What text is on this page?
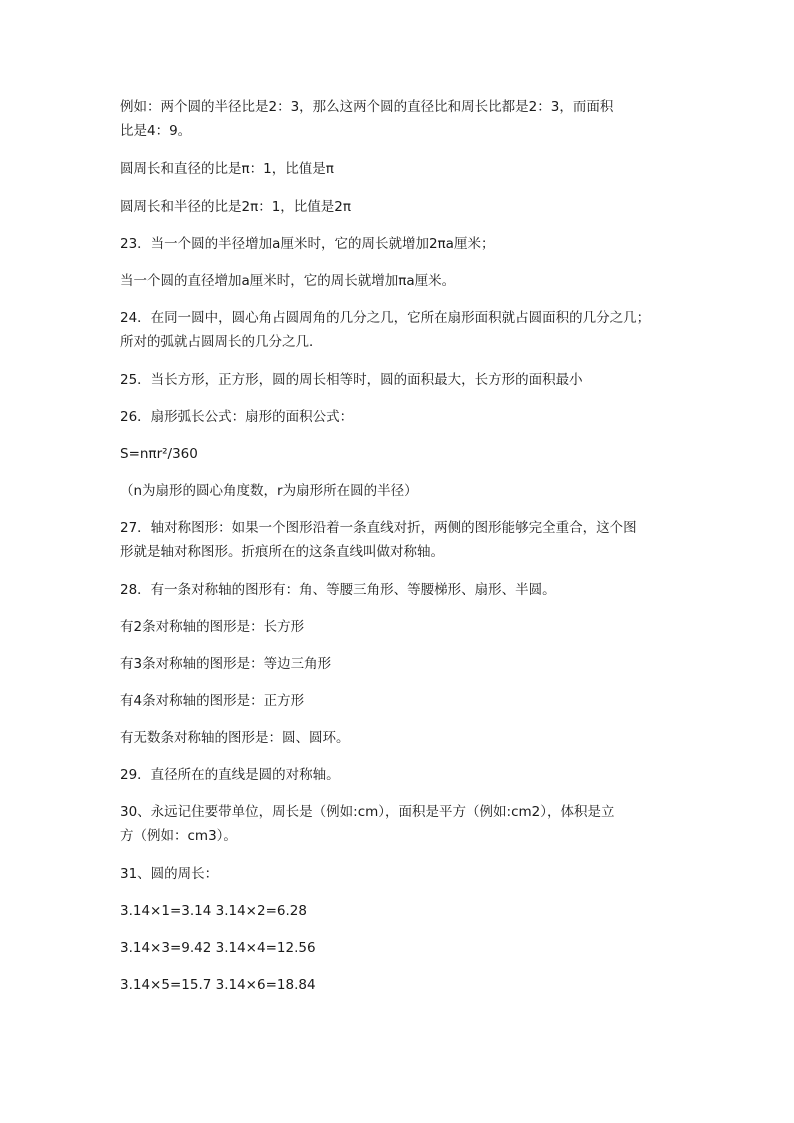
例如：两个圆的半径比是2：3，那么这两个圆的直径比和周长比都是2：3，而面积
比是4：9。
圆周长和直径的比是π：1，比值是π
圆周长和半径的比是2π：1，比值是2π
23．当一个圆的半径增加a厘米时，它的周长就增加2πa厘米；
当一个圆的直径增加a厘米时，它的周长就增加πa厘米。
24．在同一圆中，圆心角占圆周角的几分之几，它所在扇形面积就占圆面积的几分之几；
所对的弧就占圆周长的几分之几．
25．当长方形，正方形，圆的周长相等时，圆的面积最大，长方形的面积最小
26．扇形弧长公式：扇形的面积公式：
S=nπr²/360
（n为扇形的圆心角度数，r为扇形所在圆的半径）
27．轴对称图形：如果一个图形沿着一条直线对折，两侧的图形能够完全重合，这个图
形就是轴对称图形。折痕所在的这条直线叫做对称轴。
28．有一条对称轴的图形有：角、等腰三角形、等腰梯形、扇形、半圆。
有2条对称轴的图形是：长方形
有3条对称轴的图形是：等边三角形
有4条对称轴的图形是：正方形
有无数条对称轴的图形是：圆、圆环。
29．直径所在的直线是圆的对称轴。
30、永远记住要带单位，周长是（例如:cm），面积是平方（例如:cm2），体积是立
方（例如：cm3）。
31、圆的周长：
3.14×1=3.14 3.14×2=6.28
3.14×3=9.42 3.14×4=12.56
3.14×5=15.7 3.14×6=18.84
